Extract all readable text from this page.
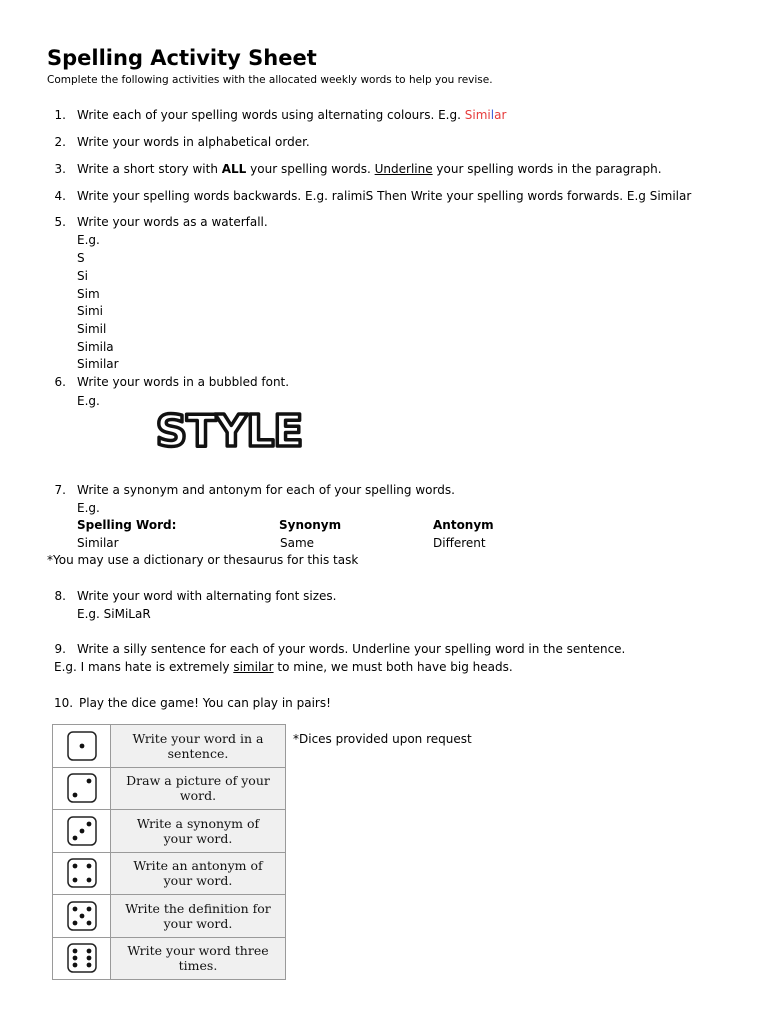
Spelling Activity Sheet
Complete the following activities with the allocated weekly words to help you revise.
1. Write each of your spelling words using alternating colours. E.g. Similar
2. Write your words in alphabetical order.
3. Write a short story with ALL your spelling words. Underline your spelling words in the paragraph.
4. Write your spelling words backwards. E.g. ralimiS Then Write your spelling words forwards. E.g Similar
5. Write your words as a waterfall.
E.g.
S
Si
Sim
Simi
Simil
Simila
Similar
6. Write your words in a bubbled font.
E.g.
STYLE
7. Write a synonym and antonym for each of your spelling words.
E.g.
Spelling Word:	Synonym	Antonym
Similar	Same	Different
*You may use a dictionary or thesaurus for this task
8. Write your word with alternating font sizes.
E.g. SiMiLaR
9. Write a silly sentence for each of your words. Underline your spelling word in the sentence.
E.g. I mans hate is extremely similar to mine, we must both have big heads.
10. Play the dice game! You can play in pairs!
*Dices provided upon request

Write your word in a
sentence.

Draw a picture of your
word.

Write a synonym of
your word.

Write an antonym of
your word.

Write the definition for
your word.

Write your word three
times.
